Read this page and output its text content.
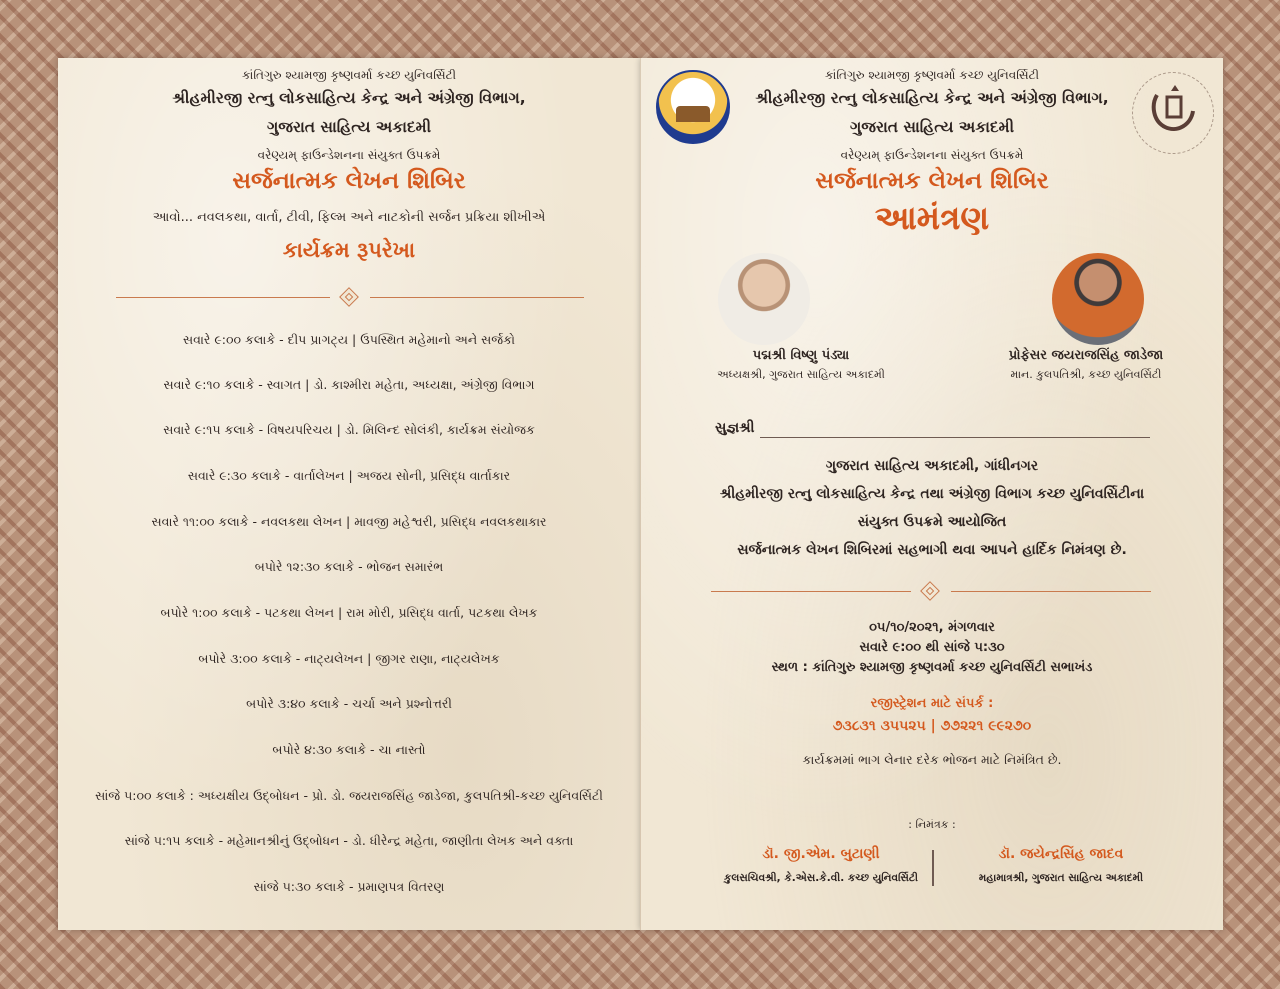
કાંતિગુરુ શ્યામજી કૃષ્ણવર્મા કચ્છ યુનિવર્સિટી
શ્રીહમીરજી રત્નુ લોકસાહિત્ય કેન્દ્ર અને અંગ્રેજી વિભાગ,
ગુજરાત સાહિત્ય અકાદમી
વરેણ્યમ્ ફાઉન્ડેશનના સંયુક્ત ઉપક્રમે
સર્જનાત્મક લેખન શિબિર
આવો... નવલકથા, વાર્તા, ટીવી, ફિલ્મ અને નાટકોની સર્જન પ્રક્રિયા શીખીએ
કાર્યક્રમ રૂપરેખા
સવારે ૯:૦૦ કલાકે - દીપ પ્રાગટ્ય | ઉપસ્થિત મહેમાનો અને સર્જકો
સવારે ૯:૧૦ કલાકે - સ્વાગત | ડો. કાશ્મીરા મહેતા, અધ્યક્ષા, અંગ્રેજી વિભાગ
સવારે ૯:૧૫ કલાકે - વિષયપરિચય | ડો. મિલિન્દ સોલંકી, કાર્યક્રમ સંયોજક
સવારે ૯:૩૦ કલાકે - વાર્તાલેખન | અજય સોની, પ્રસિદ્ધ વાર્તાકાર
સવારે ૧૧:૦૦ કલાકે - નવલકથા લેખન | માવજી મહેશ્વરી, પ્રસિદ્ધ નવલકથાકાર
બપોરે ૧૨:૩૦ કલાકે - ભોજન સમારંભ
બપોરે ૧:૦૦ કલાકે - પટકથા લેખન | રામ મોરી, પ્રસિદ્ધ વાર્તા, પટકથા લેખક
બપોરે ૩:૦૦ કલાકે - નાટ્યલેખન | જીગર રાણા, નાટ્યલેખક
બપોરે ૩:૪૦ કલાકે - ચર્ચા અને પ્રશ્નોત્તરી
બપોરે ૪:૩૦ કલાકે - ચા નાસ્તો
સાંજે ૫:૦૦ કલાકે : અધ્યક્ષીય ઉદ્બોધન - પ્રો. ડો. જયરાજસિંહ જાડેજા, કુલપતિશ્રી-કચ્છ યુનિવર્સિટી
સાંજે ૫:૧૫ કલાકે - મહેમાનશ્રીનું ઉદ્બોધન - ડો. ધીરેન્દ્ર મહેતા, જાણીતા લેખક અને વક્તા
સાંજે ૫:૩૦ કલાકે - પ્રમાણપત્ર વિતરણ
કાંતિગુરુ શ્યામજી કૃષ્ણવર્મા કચ્છ યુનિવર્સિટી
શ્રીહમીરજી રત્નુ લોકસાહિત્ય કેન્દ્ર અને અંગ્રેજી વિભાગ,
ગુજરાત સાહિત્ય અકાદમી
વરેણ્યમ્ ફાઉન્ડેશનના સંયુક્ત ઉપક્રમે
સર્જનાત્મક લેખન શિબિર
આમંત્રણ
પદ્મશ્રી વિષ્ણુ પંડ્યા
અધ્યક્ષશ્રી, ગુજરાત સાહિત્ય અકાદમી
પ્રોફેસર જયરાજસિંહ જાડેજા
માન. કુલપતિશ્રી, કચ્છ યુનિવર્સિટી
સુજ્ઞશ્રી
ગુજરાત સાહિત્ય અકાદમી, ગાંધીનગર
શ્રીહમીરજી રત્નુ લોકસાહિત્ય કેન્દ્ર તથા અંગ્રેજી વિભાગ કચ્છ યુનિવર્સિટીના
સંયુક્ત ઉપક્રમે આયોજિત
સર્જનાત્મક લેખન શિબિરમાં સહભાગી થવા આપને હાર્દિક નિમંત્રણ છે.
૦૫/૧૦/૨૦૨૧, મંગળવાર
સવારે ૯:૦૦ થી સાંજે ૫:૩૦
સ્થળ : કાંતિગુરુ શ્યામજી કૃષ્ણવર્મા કચ્છ યુનિવર્સિટી સભાખંડ
રજીસ્ટ્રેશન માટે સંપર્ક :
૭૩૮૩૧ ૩૫૫૨૫ | ૭૭૨૨૧ ૯૯૨૭૦
કાર્યક્રમમાં ભાગ લેનાર દરેક ભોજન માટે નિમંત્રિત છે.
: નિમંત્રક :
ડૉ. જી.એમ. બુટાણી
કુલસચિવશ્રી, કે.એસ.કે.વી. કચ્છ યુનિવર્સિટી
ડૉ. જયેન્દ્રસિંહ જાદવ
મહામાત્રશ્રી, ગુજરાત સાહિત્ય અકાદમી
